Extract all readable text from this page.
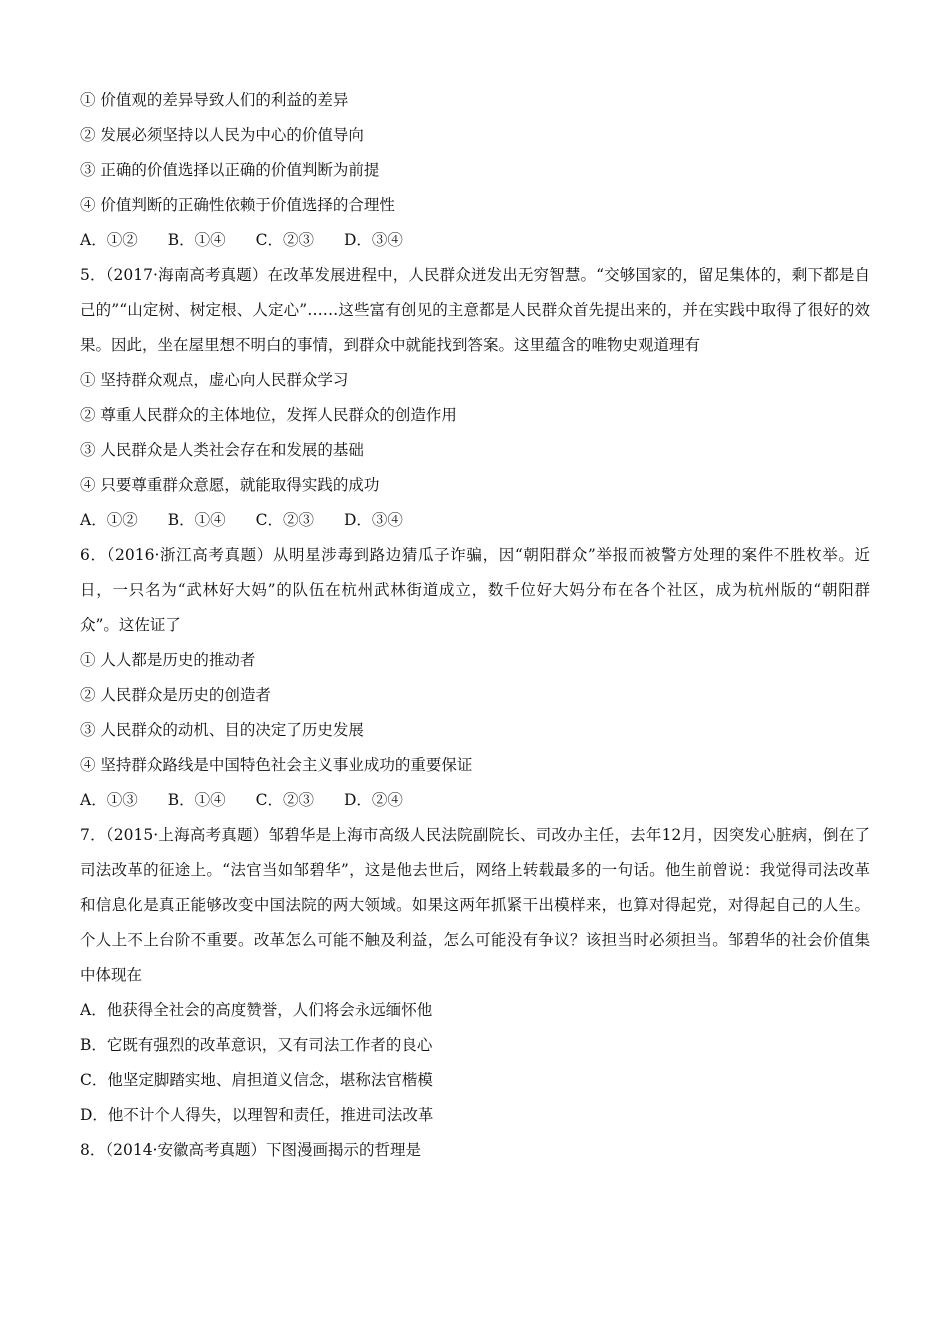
① 价值观的差异导致人们的利益的差异
② 发展必须坚持以人民为中心的价值导向
③ 正确的价值选择以正确的价值判断为前提
④ 价值判断的正确性依赖于价值选择的合理性
A．①② B．①④ C．②③ D．③④
5．（2017·海南高考真题）在改革发展进程中，人民群众迸发出无穷智慧。“交够国家的，留足集体的，剩下都是自己的”“山定树、树定根、人定心”……这些富有创见的主意都是人民群众首先提出来的，并在实践中取得了很好的效果。因此，坐在屋里想不明白的事情，到群众中就能找到答案。这里蕴含的唯物史观道理有
① 坚持群众观点，虚心向人民群众学习
② 尊重人民群众的主体地位，发挥人民群众的创造作用
③ 人民群众是人类社会存在和发展的基础
④ 只要尊重群众意愿，就能取得实践的成功
A．①② B．①④ C．②③ D．③④
6．（2016·浙江高考真题）从明星涉毒到路边猜瓜子诈骗，因“朝阳群众”举报而被警方处理的案件不胜枚举。近日，一只名为“武林好大妈”的队伍在杭州武林街道成立，数千位好大妈分布在各个社区，成为杭州版的“朝阳群众”。这佐证了
① 人人都是历史的推动者
② 人民群众是历史的创造者
③ 人民群众的动机、目的决定了历史发展
④ 坚持群众路线是中国特色社会主义事业成功的重要保证
A．①③ B．①④ C．②③ D．②④
7．（2015·上海高考真题）邹碧华是上海市高级人民法院副院长、司改办主任，去年12月，因突发心脏病，倒在了司法改革的征途上。“法官当如邹碧华”，这是他去世后，网络上转载最多的一句话。他生前曾说：我觉得司法改革和信息化是真正能够改变中国法院的两大领域。如果这两年抓紧干出模样来，也算对得起党，对得起自己的人生。个人上不上台阶不重要。改革怎么可能不触及利益，怎么可能没有争议？该担当时必须担当。邹碧华的社会价值集中体现在
A．他获得全社会的高度赞誉，人们将会永远缅怀他
B．它既有强烈的改革意识，又有司法工作者的良心
C．他坚定脚踏实地、肩担道义信念，堪称法官楷模
D．他不计个人得失，以理智和责任，推进司法改革
8．（2014·安徽高考真题）下图漫画揭示的哲理是
